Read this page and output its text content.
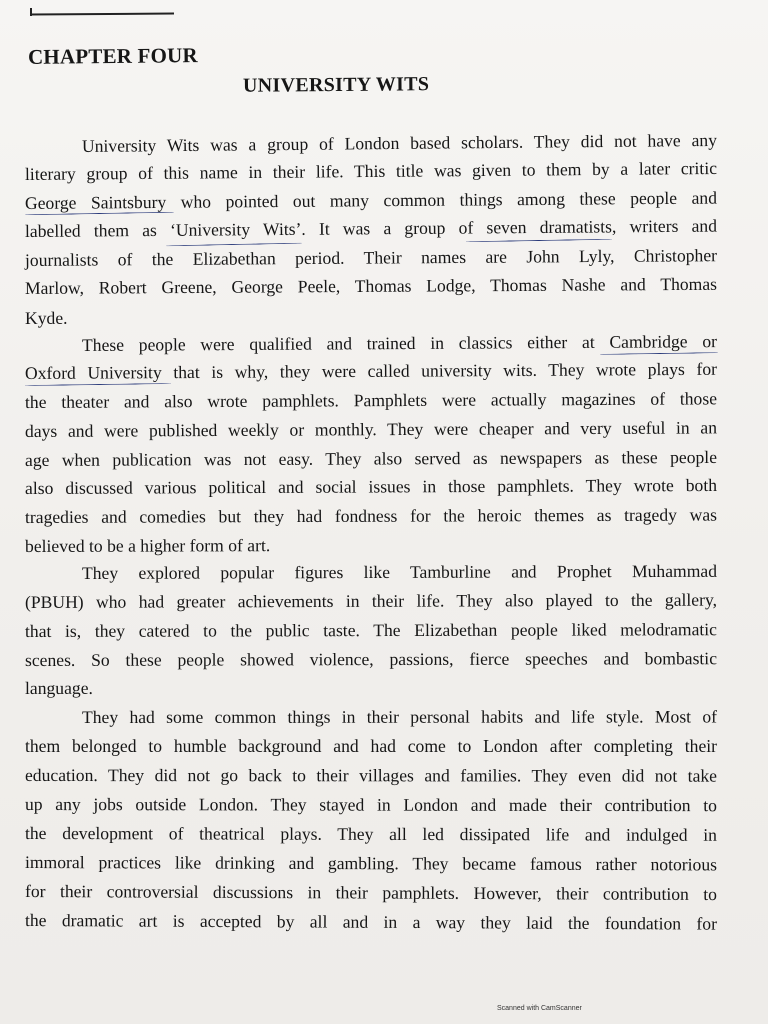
CHAPTER FOUR
UNIVERSITY WITS
University Wits was a group of London based scholars. They did not have any
literary group of this name in their life. This title was given to them by a later critic
George Saintsbury who pointed out many common things among these people and
labelled them as ‘University Wits’. It was a group of seven dramatists, writers and
journalists of the Elizabethan period. Their names are John Lyly, Christopher
Marlow, Robert Greene, George Peele, Thomas Lodge, Thomas Nashe and Thomas
Kyde.
These people were qualified and trained in classics either at Cambridge or
Oxford University that is why, they were called university wits. They wrote plays for
the theater and also wrote pamphlets. Pamphlets were actually magazines of those
days and were published weekly or monthly. They were cheaper and very useful in an
age when publication was not easy. They also served as newspapers as these people
also discussed various political and social issues in those pamphlets. They wrote both
tragedies and comedies but they had fondness for the heroic themes as tragedy was
believed to be a higher form of art.
They explored popular figures like Tamburline and Prophet Muhammad
(PBUH) who had greater achievements in their life. They also played to the gallery,
that is, they catered to the public taste. The Elizabethan people liked melodramatic
scenes. So these people showed violence, passions, fierce speeches and bombastic
language.
They had some common things in their personal habits and life style. Most of
them belonged to humble background and had come to London after completing their
education. They did not go back to their villages and families. They even did not take
up any jobs outside London. They stayed in London and made their contribution to
the development of theatrical plays. They all led dissipated life and indulged in
immoral practices like drinking and gambling. They became famous rather notorious
for their controversial discussions in their pamphlets. However, their contribution to
the dramatic art is accepted by all and in a way they laid the foundation for
Scanned with CamScanner
